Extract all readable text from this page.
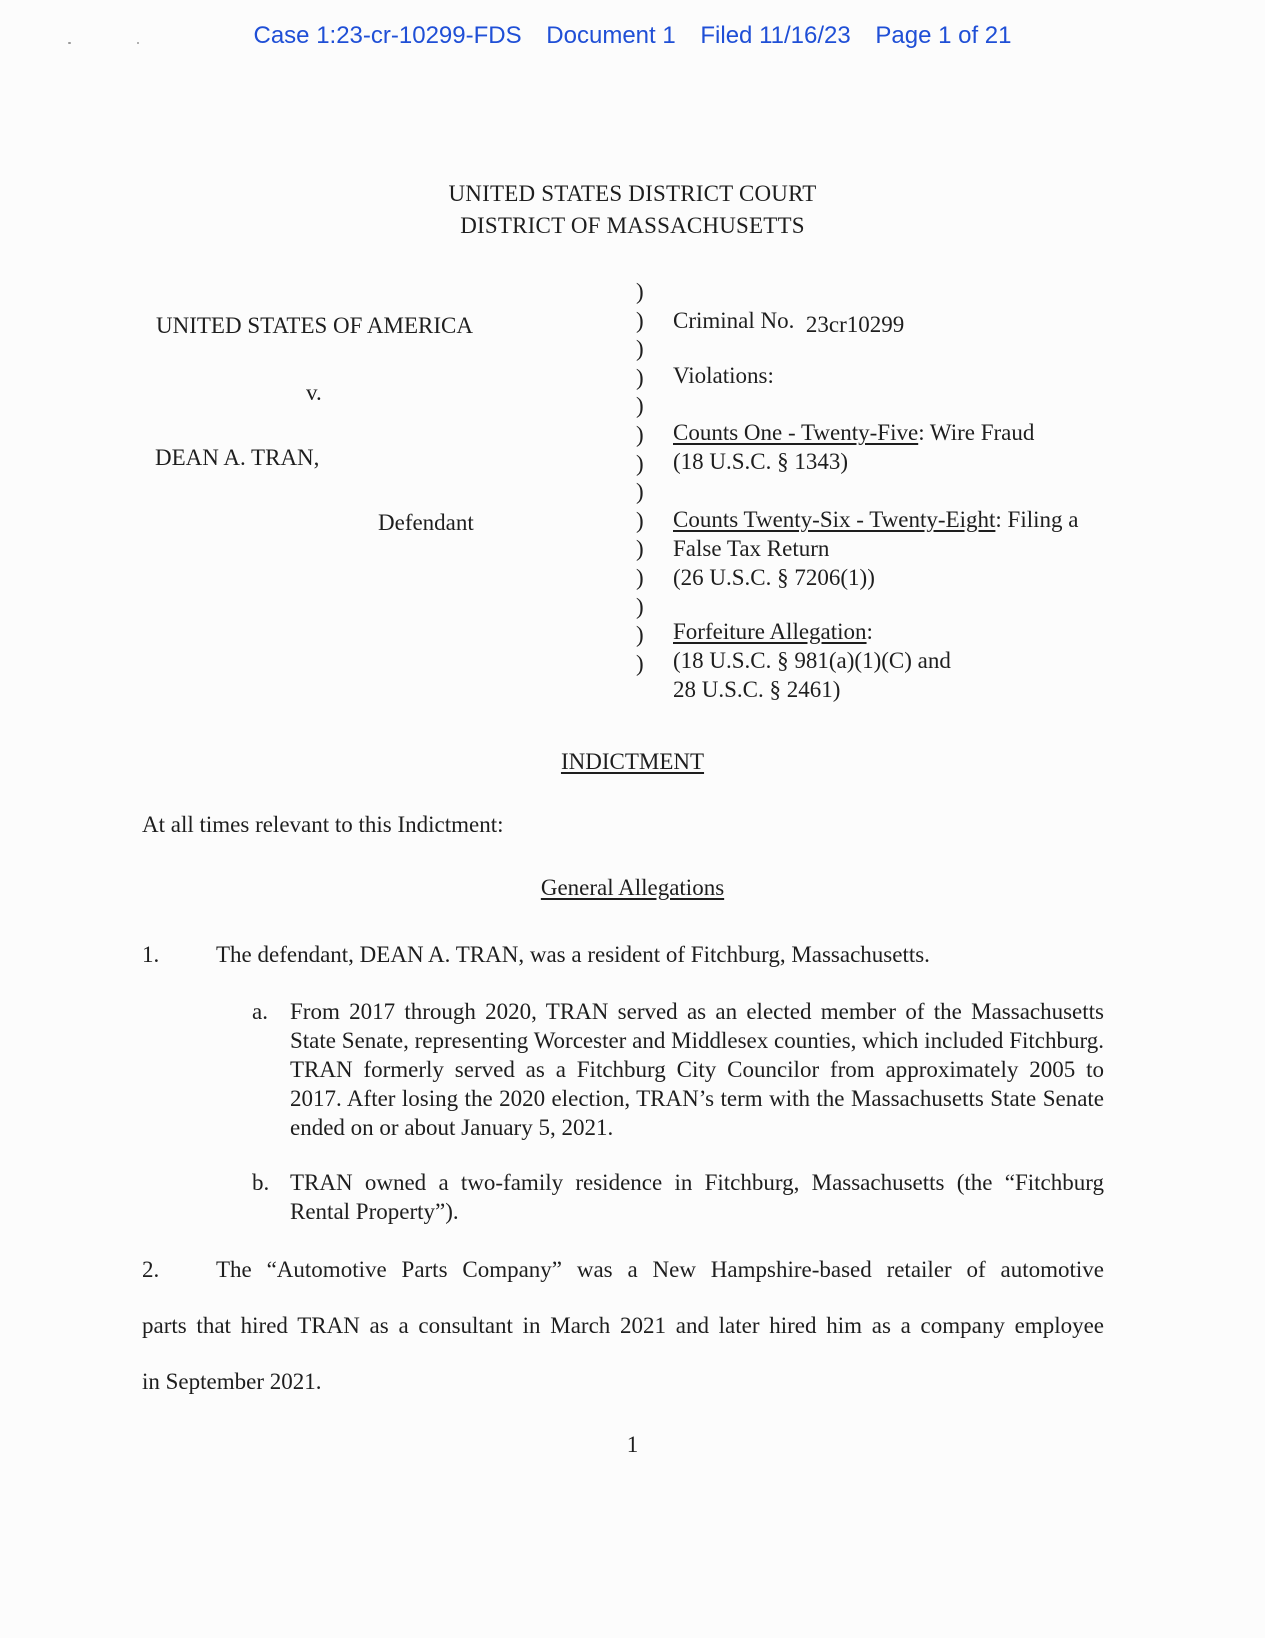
Case 1:23-cr-10299-FDS Document 1 Filed 11/16/23 Page 1 of 21
UNITED STATES DISTRICT COURT
DISTRICT OF MASSACHUSETTS
UNITED STATES OF AMERICA
v.
DEAN A. TRAN,
Defendant
)
)
)
)
)
)
)
)
)
)
)
)
)
)
Criminal No. 23cr10299
Violations:
Counts One - Twenty-Five: Wire Fraud
(18 U.S.C. § 1343)
Counts Twenty-Six - Twenty-Eight: Filing a
False Tax Return
(26 U.S.C. § 7206(1))
Forfeiture Allegation:
(18 U.S.C. § 981(a)(1)(C) and
28 U.S.C. § 2461)
INDICTMENT
At all times relevant to this Indictment:
General Allegations
1. The defendant, DEAN A. TRAN, was a resident of Fitchburg, Massachusetts.
a. From 2017 through 2020, TRAN served as an elected member of the Massachusetts State Senate, representing Worcester and Middlesex counties, which included Fitchburg. TRAN formerly served as a Fitchburg City Councilor from approximately 2005 to 2017. After losing the 2020 election, TRAN’s term with the Massachusetts State Senate ended on or about January 5, 2021.
b. TRAN owned a two-family residence in Fitchburg, Massachusetts (the “Fitchburg Rental Property”).
2. The “Automotive Parts Company” was a New Hampshire-based retailer of automotive
parts that hired TRAN as a consultant in March 2021 and later hired him as a company employee
in September 2021.
1
